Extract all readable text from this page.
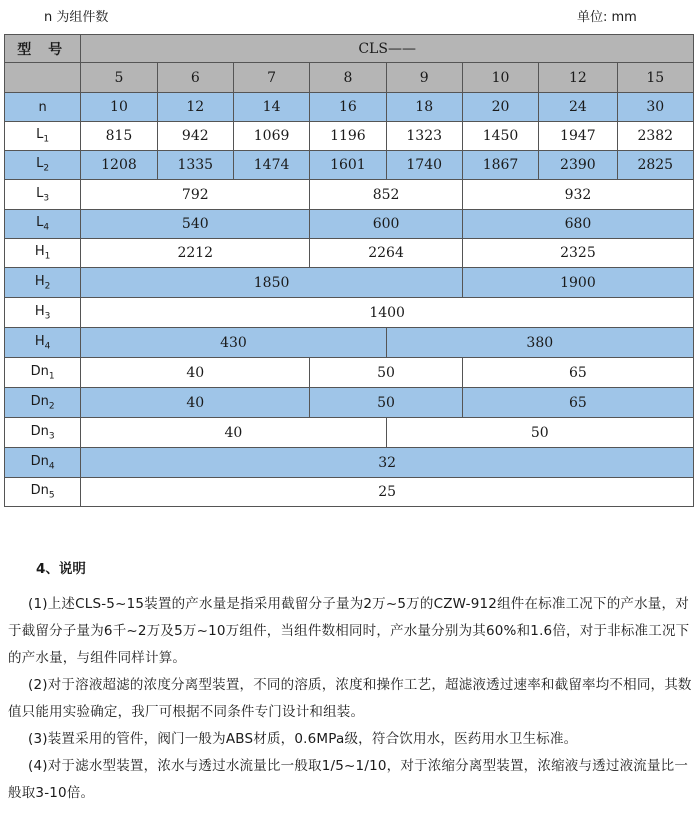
n 为组件数	单位: mm
型 号	CLS——							
	5	6	7	8	9	10	12	15
n	10	12	14	16	18	20	24	30
$L_1$	815	942	1069	1196	1323	1450	1947	2382
$L_2$	1208	1335	1474	1601	1740	1867	2390	2825
$L_3$	792			852		932		
$L_4$	540			600		680		
$H_1$	2212			2264		2325		
$H_2$	1850					1900		
$H_3$	1400							
$H_4$	430				380			
$Dn_1$	40			50		65		
$Dn_2$	40			50		65		
$Dn_3$	40				50			
$Dn_4$	32							
$Dn_5$	25							
4、说明

(1)上述CLS-5~15装置的产水量是指采用截留分子量为2万~5万的CZW-912组件在标准工况下的产水量，对于截留分子量为6千~2万及5万~10万组件，当组件数相同时，产水量分别为其60%和1.6倍，对于非标准工况下的产水量，与组件同样计算。

(2)对于溶液超滤的浓度分离型装置，不同的溶质，浓度和操作工艺，超滤液透过速率和截留率均不相同，其数值只能用实验确定，我厂可根据不同条件专门设计和组装。

(3)装置采用的管件，阀门一般为ABS材质，0.6MPa级，符合饮用水，医药用水卫生标准。

(4)对于滤水型装置，浓水与透过水流量比一般取1/5~1/10，对于浓缩分离型装置，浓缩液与透过液流量比一般取3-10倍。
